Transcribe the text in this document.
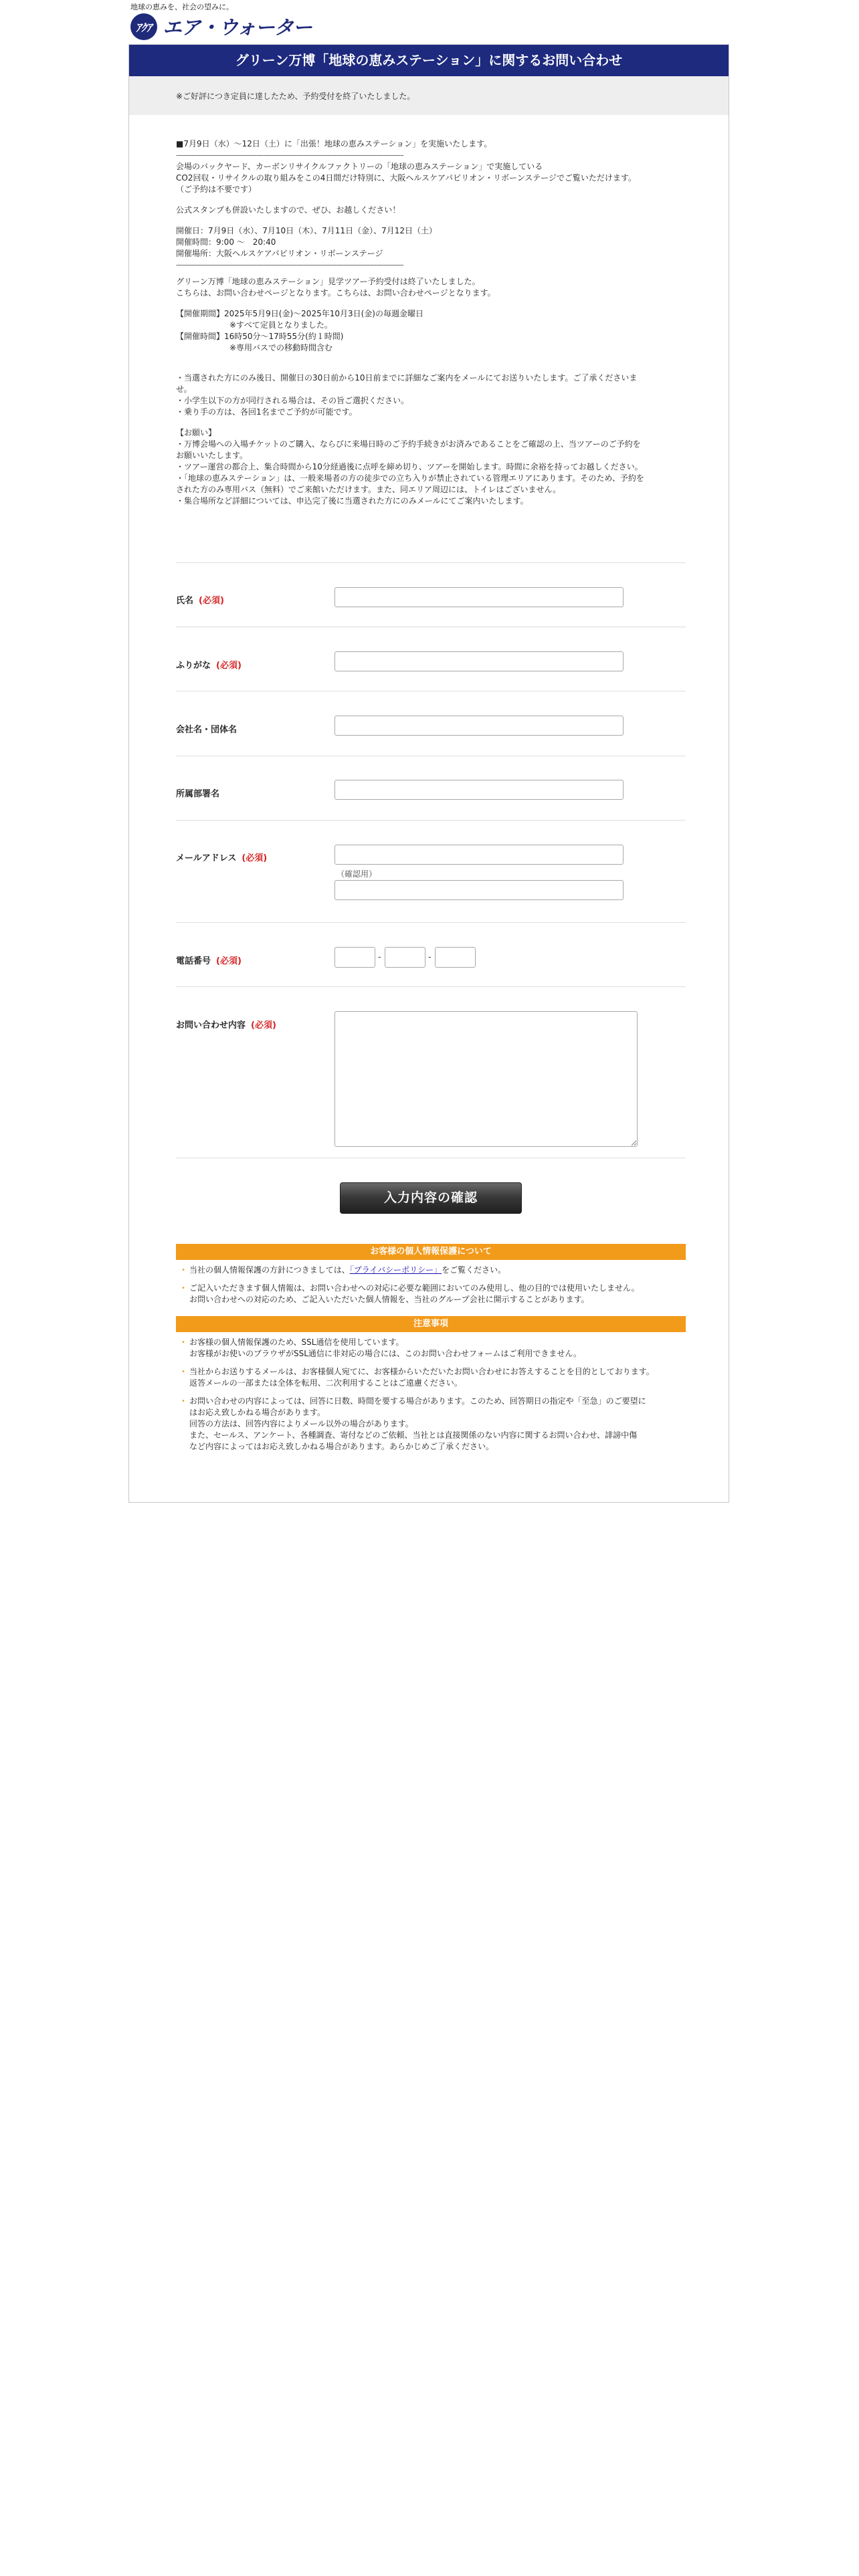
地球の恵みを、社会の望みに。
ｱｸｱ エア・ウォーター
グリーン万博「地球の恵みステーション」に関するお問い合わせ
※ご好評につき定員に達したため、予約受付を終了いたしました。

■7月9日（水）〜12日（土）に「出張！地球の恵みステーション」を実施いたします。

------------------------------------------------------------------------------------------------------

会場のバックヤード、カーボンリサイクルファクトリーの「地球の恵みステーション」で実施している

CO2回収・リサイクルの取り組みをこの4日間だけ特別に、大阪ヘルスケアパビリオン・リボーンステージでご覧いただけます。

（ご予約は不要です）

公式スタンプも併設いたしますので、ぜひ、お越しください！

開催日：7月9日（水）、7月10日（木）、7月11日（金）、7月12日（土）

開催時間：9:00 〜　20:40

開催場所：大阪ヘルスケアパビリオン・リボーンステージ

------------------------------------------------------------------------------------------------------

グリーン万博「地球の恵みステーション」見学ツアー予約受付は終了いたしました。

こちらは、お問い合わせページとなります。こちらは、お問い合わせページとなります。

【開催期間】2025年5月9日(金)〜2025年10月3日(金)の毎週金曜日

※すべて定員となりました。

【開催時間】16時50分〜17時55分(約１時間)

※専用バスでの移動時間含む

・当選された方にのみ後日、開催日の30日前から10日前までに詳細なご案内をメールにてお送りいたします。ご了承くださいま

せ。

・小学生以下の方が同行される場合は、その旨ご選択ください。

・乗り手の方は、各回1名までご予約が可能です。

【お願い】

・万博会場への入場チケットのご購入、ならびに来場日時のご予約手続きがお済みであることをご確認の上、当ツアーのご予約を

お願いいたします。

・ツアー運営の都合上、集合時間から10分経過後に点呼を締め切り、ツアーを開始します。時間に余裕を持ってお越しください。

・「地球の恵みステーション」は、一般来場者の方の徒歩での立ち入りが禁止されている管理エリアにあります。そのため、予約を

された方のみ専用バス（無料）でご来館いただけます。また、同エリア周辺には、トイレはございません。

・集合場所など詳細については、申込完了後に当選された方にのみメールにてご案内いたします。

氏名 (必須)
ふりがな (必須)
会社名・団体名
所属部署名
メールアドレス (必須)
（確認用）
電話番号 (必須)	-	-
お問い合わせ内容 (必須)
入力内容の確認
お客様の個人情報保護について
・ 当社の個人情報保護の方針につきましては、「プライバシーポリシー」をご覧ください。
・ ご記入いただきます個人情報は、お問い合わせへの対応に必要な範囲においてのみ使用し、他の目的では使用いたしません。
お問い合わせへの対応のため、ご記入いただいた個人情報を、当社のグループ会社に開示することがあります。
注意事項
・ お客様の個人情報保護のため、SSL通信を使用しています。
お客様がお使いのブラウザがSSL通信に非対応の場合には、このお問い合わせフォームはご利用できません。
・ 当社からお送りするメールは、お客様個人宛てに、お客様からいただいたお問い合わせにお答えすることを目的としております。
返答メールの一部または全体を転用、二次利用することはご遠慮ください。
・ お問い合わせの内容によっては、回答に日数、時間を要する場合があります。このため、回答期日の指定や「至急」のご要望に
はお応え致しかねる場合があります。
回答の方法は、回答内容によりメール以外の場合があります。
また、セールス、アンケート、各種調査、寄付などのご依頼、当社とは直接関係のない内容に関するお問い合わせ、誹謗中傷
など内容によってはお応え致しかねる場合があります。あらかじめご了承ください。
